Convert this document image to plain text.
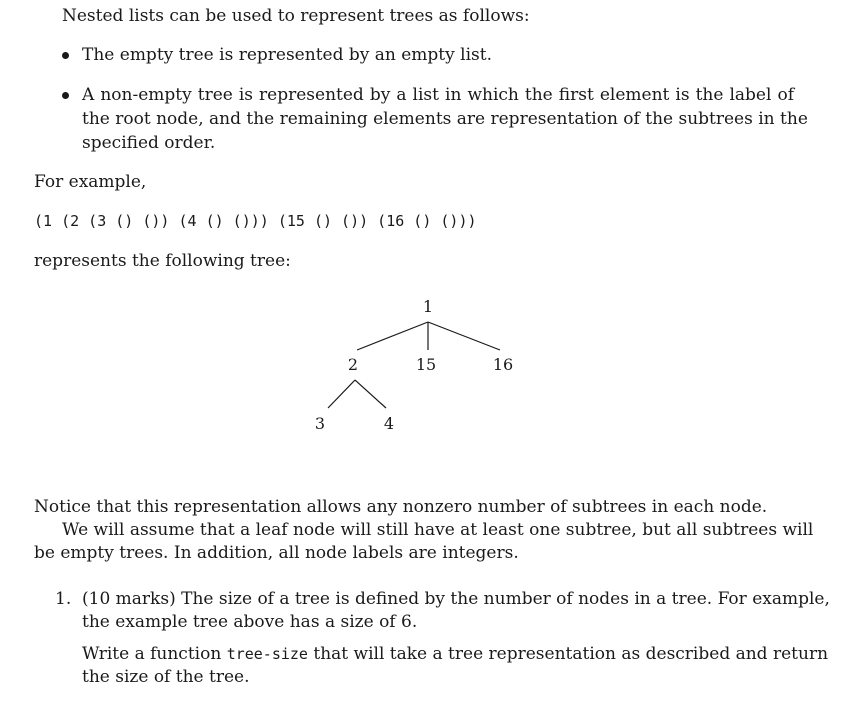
Nested lists can be used to represent trees as follows:
The empty tree is represented by an empty list.
A non-empty tree is represented by a list in which the first element is the label of
the root node, and the remaining elements are representation of the subtrees in the
specified order.
For example,
(1 (2 (3 () ()) (4 () ())) (15 () ()) (16 () ()))
represents the following tree:
1
2	15	16
3	4
Notice that this representation allows any nonzero number of subtrees in each node.
We will assume that a leaf node will still have at least one subtree, but all subtrees will
be empty trees. In addition, all node labels are integers.
1. (10 marks) The size of a tree is defined by the number of nodes in a tree. For example,
the example tree above has a size of 6.
Write a function tree-size that will take a tree representation as described and return
the size of the tree.
